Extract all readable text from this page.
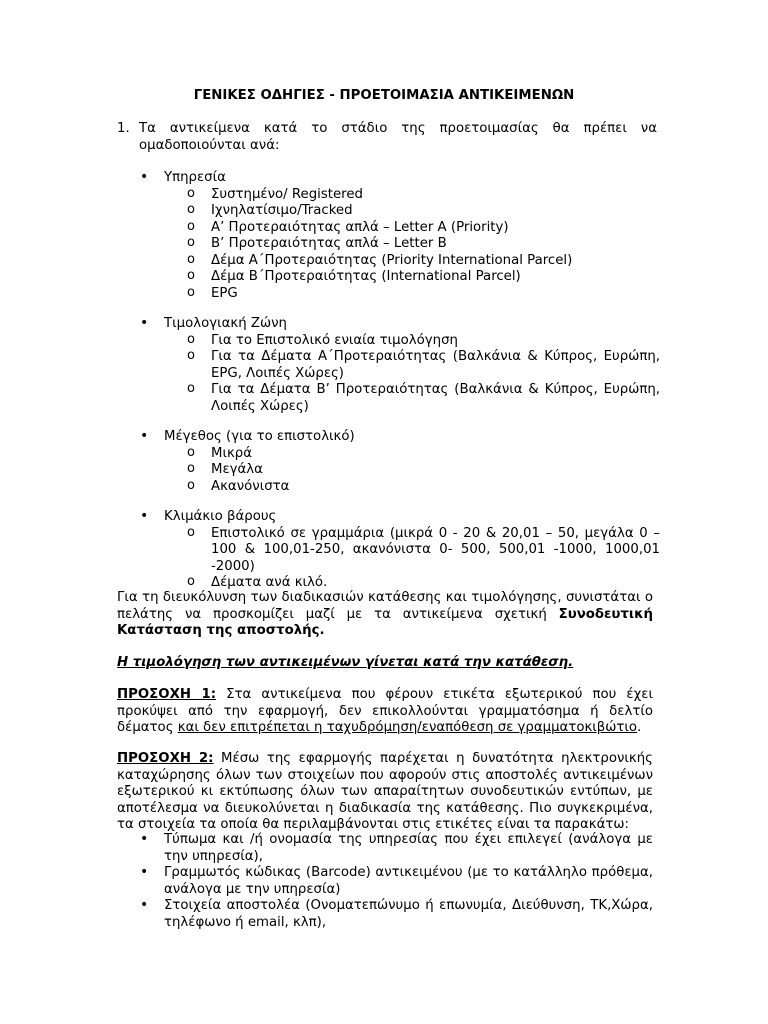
ΓΕΝΙΚΕΣ ΟΔΗΓΙΕΣ - ΠΡΟΕΤΟΙΜΑΣΙΑ ΑΝΤΙΚΕΙΜΕΝΩΝ
1. Τα αντικείμενα κατά το στάδιο της προετοιμασίας θα πρέπει να ομαδοποιούνται ανά:
• Υπηρεσία
o Συστημένο/ Registered
o Ιχνηλατίσιμο/Tracked
o Α’ Προτεραιότητας απλά – Letter A (Priority)
o Β’ Προτεραιότητας απλά – Letter B
o Δέμα Α΄Προτεραιότητας (Priority International Parcel)
o Δέμα Β΄Προτεραιότητας (International Parcel)
o EPG
• Τιμολογιακή Ζώνη
o Για το Επιστολικό ενιαία τιμολόγηση
o Για τα Δέματα Α΄Προτεραιότητας (Βαλκάνια & Κύπρος, Ευρώπη, EPG, Λοιπές Χώρες)
o Για τα Δέματα Β’ Προτεραιότητας (Βαλκάνια & Κύπρος, Ευρώπη, Λοιπές Χώρες)
• Μέγεθος (για το επιστολικό)
o Μικρά
o Μεγάλα
o Ακανόνιστα
• Κλιμάκιο βάρους
o Επιστολικό σε γραμμάρια (μικρά 0 - 20 & 20,01 – 50, μεγάλα 0 – 100 & 100,01-250, ακανόνιστα 0- 500, 500,01 -1000, 1000,01 -2000)
o Δέματα ανά κιλό.
Για τη διευκόλυνση των διαδικασιών κατάθεσης και τιμολόγησης, συνιστάται ο πελάτης να προσκομίζει μαζί με τα αντικείμενα σχετική Συνοδευτική Κατάσταση της αποστολής.
Η τιμολόγηση των αντικειμένων γίνεται κατά την κατάθεση.
ΠΡΟΣΟΧΗ 1: Στα αντικείμενα που φέρουν ετικέτα εξωτερικού που έχει προκύψει από την εφαρμογή, δεν επικολλούνται γραμματόσημα ή δελτίο δέματος και δεν επιτρέπεται η ταχυδρόμηση/εναπόθεση σε γραμματοκιβώτιο.
ΠΡΟΣΟΧΗ 2: Μέσω της εφαρμογής παρέχεται η δυνατότητα ηλεκτρονικής καταχώρησης όλων των στοιχείων που αφορούν στις αποστολές αντικειμένων εξωτερικού κι εκτύπωσης όλων των απαραίτητων συνοδευτικών εντύπων, με αποτέλεσμα να διευκολύνεται η διαδικασία της κατάθεσης. Πιο συγκεκριμένα, τα στοιχεία τα οποία θα περιλαμβάνονται στις ετικέτες είναι τα παρακάτω:
• Τύπωμα και /ή ονομασία της υπηρεσίας που έχει επιλεγεί (ανάλογα με την υπηρεσία),
• Γραμμωτός κώδικας (Barcode) αντικειμένου (με το κατάλληλο πρόθεμα, ανάλογα με την υπηρεσία)
• Στοιχεία αποστολέα (Ονοματεπώνυμο ή επωνυμία, Διεύθυνση, ΤΚ,Χώρα, τηλέφωνο ή email, κλπ),
